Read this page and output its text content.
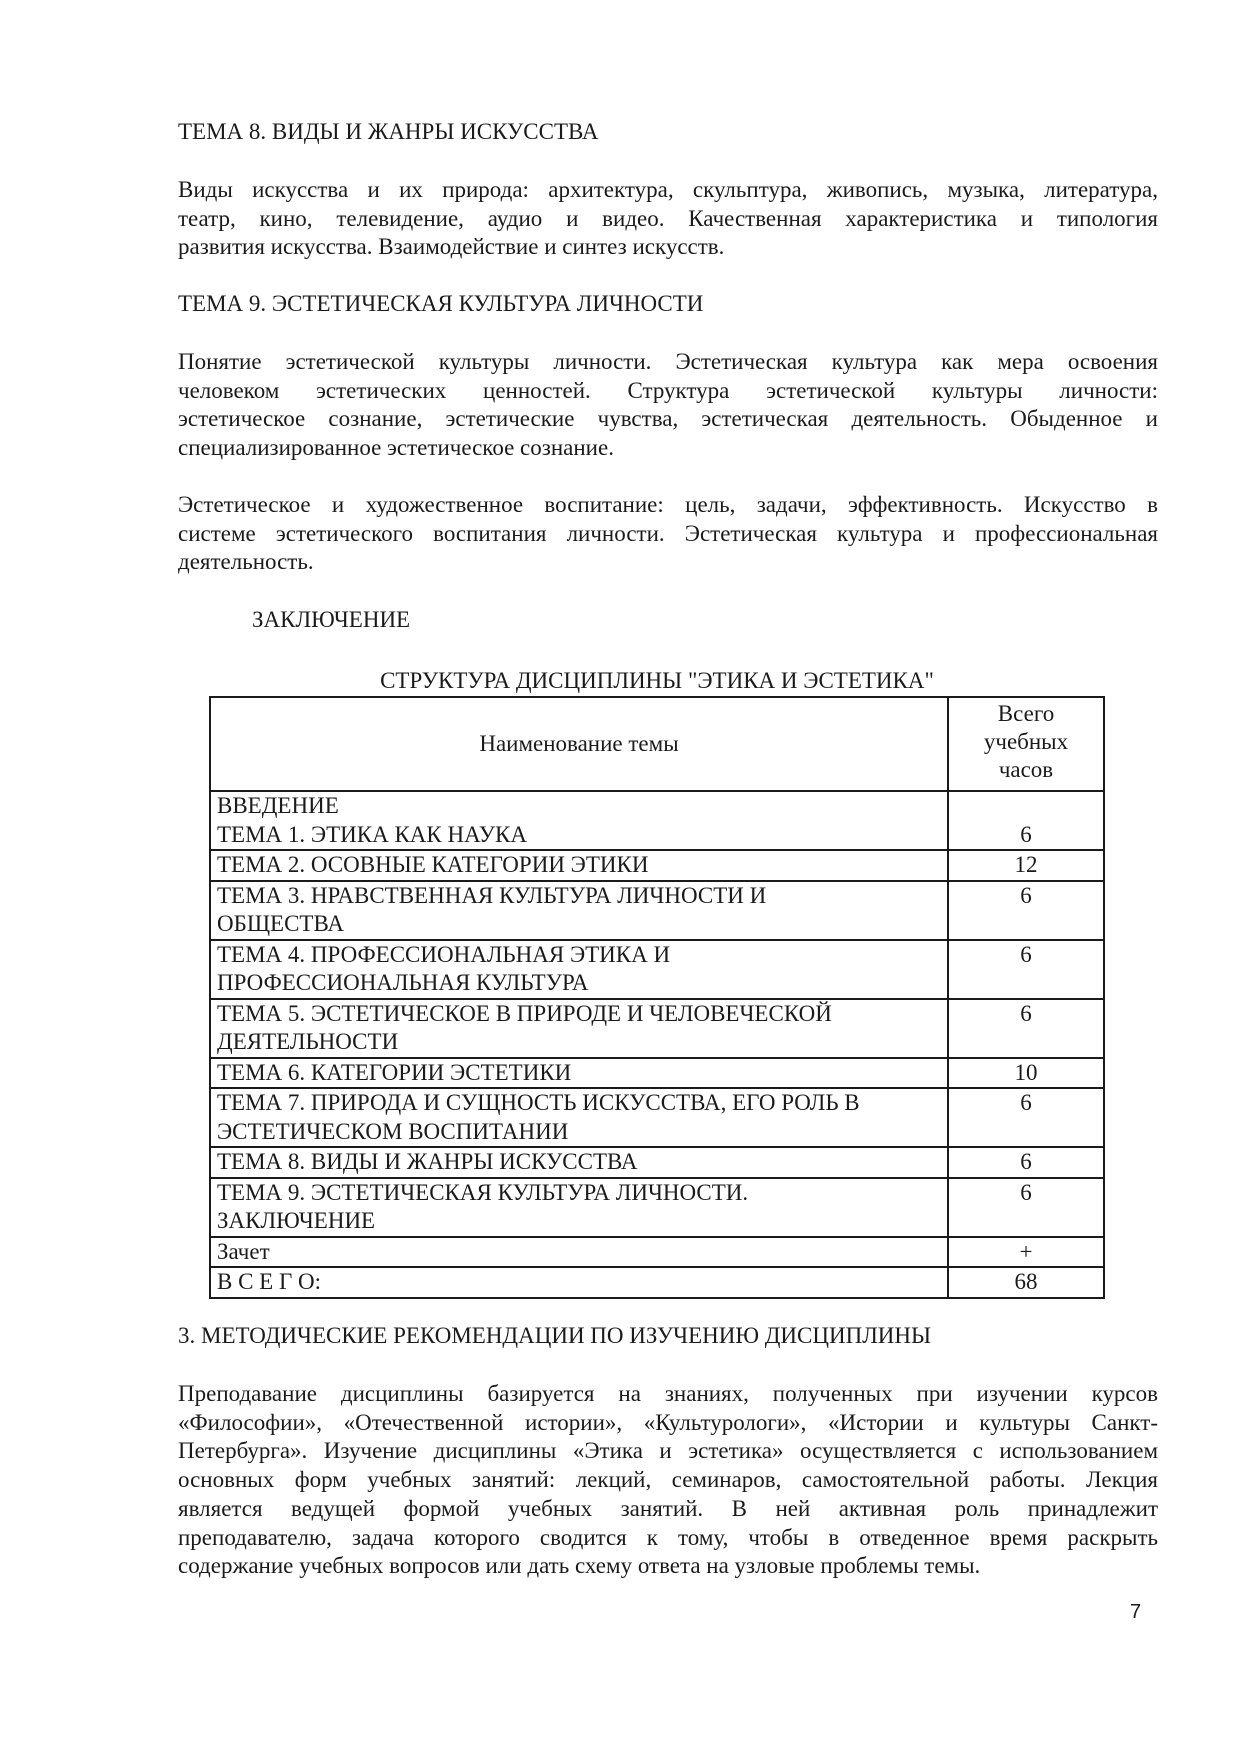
ТЕМА 8. ВИДЫ И ЖАНРЫ ИСКУССТВА

Виды искусства и их природа: архитектура, скульптура, живопись, музыка, литература,
театр, кино, телевидение, аудио и видео. Качественная характеристика и типология
развития искусства. Взаимодействие и синтез искусств.

ТЕМА 9. ЭСТЕТИЧЕСКАЯ КУЛЬТУРА ЛИЧНОСТИ

Понятие эстетической культуры личности. Эстетическая культура как мера освоения
человеком эстетических ценностей. Структура эстетической культуры личности:
эстетическое сознание, эстетические чувства, эстетическая деятельность. Обыденное и
специализированное эстетическое сознание.

Эстетическое и художественное воспитание: цель, задачи, эффективность. Искусство в
системе эстетического воспитания личности. Эстетическая культура и профессиональная
деятельность.

ЗАКЛЮЧЕНИЕ

СТРУКТУРА ДИСЦИПЛИНЫ "ЭТИКА И ЭСТЕТИКА"

Наименование темы	Всего
учебных
часов

ВВЕДЕНИЕ
ТЕМА 1. ЭТИКА КАК НАУКА	6

ТЕМА 2. ОСОВНЫЕ КАТЕГОРИИ ЭТИКИ	12

ТЕМА 3. НРАВСТВЕННАЯ КУЛЬТУРА ЛИЧНОСТИ И
ОБЩЕСТВА	6

ТЕМА 4. ПРОФЕССИОНАЛЬНАЯ ЭТИКА И
ПРОФЕССИОНАЛЬНАЯ КУЛЬТУРА	6

ТЕМА 5. ЭСТЕТИЧЕСКОЕ В ПРИРОДЕ И ЧЕЛОВЕЧЕСКОЙ
ДЕЯТЕЛЬНОСТИ	6

ТЕМА 6. КАТЕГОРИИ ЭСТЕТИКИ	10

ТЕМА 7. ПРИРОДА И СУЩНОСТЬ ИСКУССТВА, ЕГО РОЛЬ В
ЭСТЕТИЧЕСКОМ ВОСПИТАНИИ	6

ТЕМА 8. ВИДЫ И ЖАНРЫ ИСКУССТВА	6

ТЕМА 9. ЭСТЕТИЧЕСКАЯ КУЛЬТУРА ЛИЧНОСТИ.
ЗАКЛЮЧЕНИЕ	6

Зачет	+

В С Е Г О:	68
3. МЕТОДИЧЕСКИЕ РЕКОМЕНДАЦИИ ПО ИЗУЧЕНИЮ ДИСЦИПЛИНЫ

Преподавание дисциплины базируется на знаниях, полученных при изучении курсов
«Философии», «Отечественной истории», «Культурологи», «Истории и культуры Санкт-
Петербурга». Изучение дисциплины «Этика и эстетика» осуществляется с использованием
основных форм учебных занятий: лекций, семинаров, самостоятельной работы. Лекция
является ведущей формой учебных занятий. В ней активная роль принадлежит
преподавателю, задача которого сводится к тому, чтобы в отведенное время раскрыть
содержание учебных вопросов или дать схему ответа на узловые проблемы темы.

7
